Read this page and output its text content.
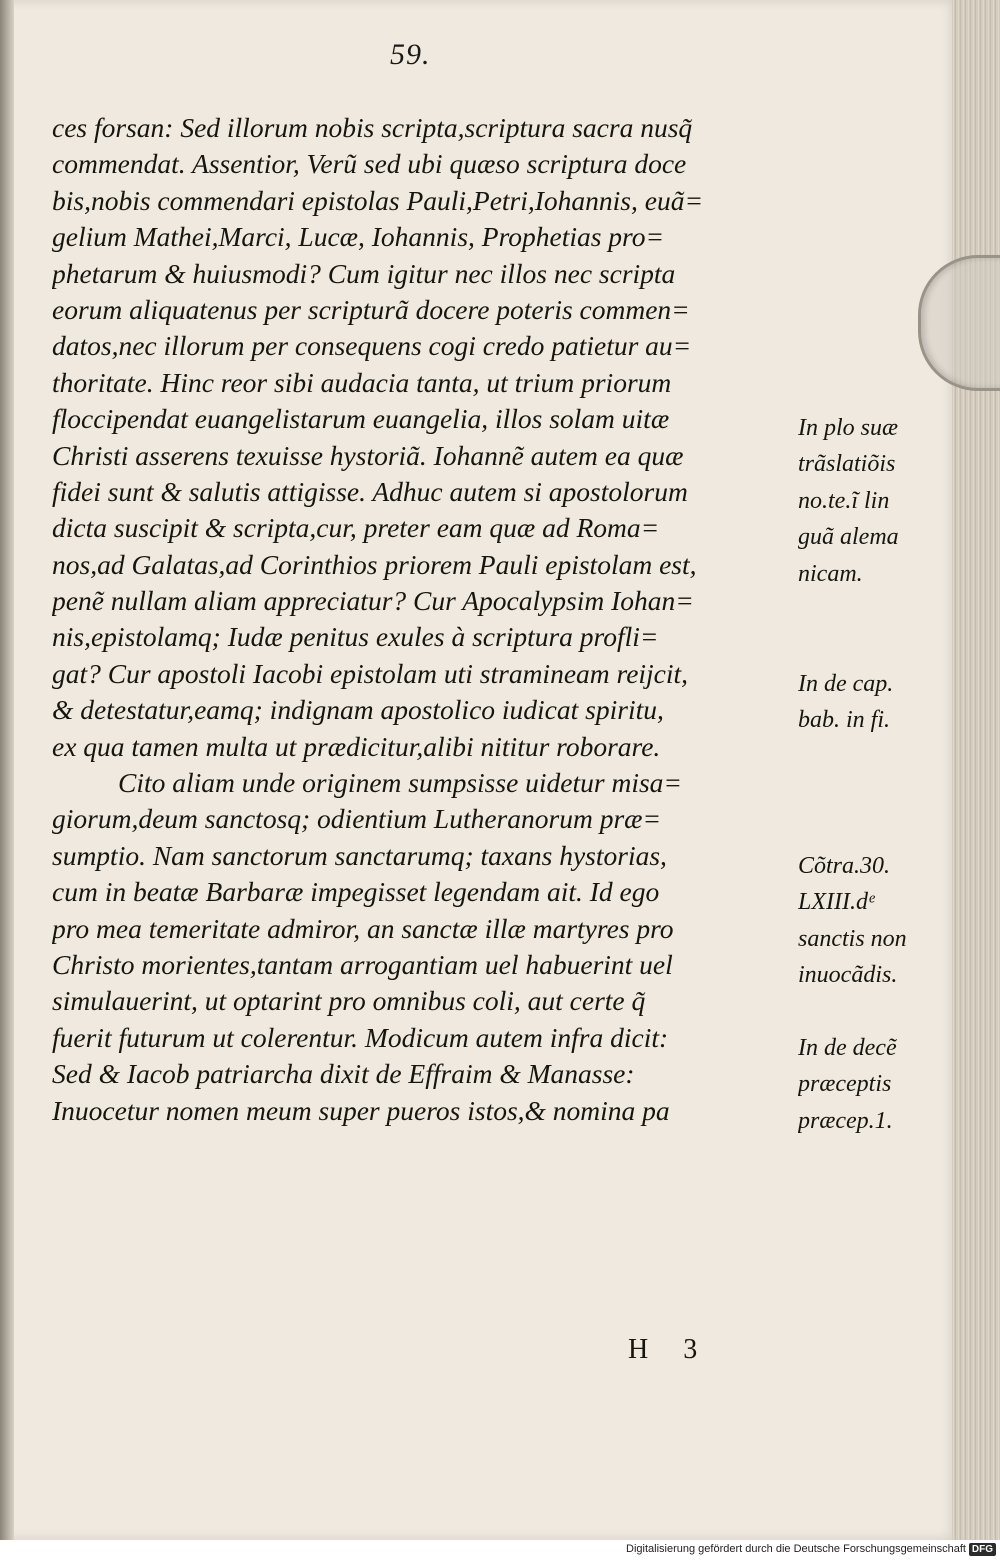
59.
ces forsan: Sed illorum nobis scripta,scriptura sacra nusq̃
commendat. Assentior, Verũ sed ubi quæso scriptura doce
bis,nobis commendari epistolas Pauli,Petri,Iohannis, euã=
gelium Mathei,Marci, Lucæ, Iohannis, Prophetias pro=
phetarum & huiusmodi? Cum igitur nec illos nec scripta
eorum aliquatenus per scripturã docere poteris commen=
datos,nec illorum per consequens cogi credo patietur au=
thoritate. Hinc reor sibi audacia tanta, ut trium priorum
floccipendat euangelistarum euangelia, illos solam uitæ
Christi asserens texuisse hystoriã. Iohannẽ autem ea quæ
fidei sunt & salutis attigisse. Adhuc autem si apostolorum
dicta suscipit & scripta,cur, preter eam quæ ad Roma=
nos,ad Galatas,ad Corinthios priorem Pauli epistolam est,
penẽ nullam aliam appreciatur? Cur Apocalypsim Iohan=
nis,epistolamq; Iudæ penitus exules à scriptura profli=
gat? Cur apostoli Iacobi epistolam uti stramineam reijcit,
& detestatur,eamq; indignam apostolico iudicat spiritu,
ex qua tamen multa ut prædicitur,alibi nititur roborare.
Cito aliam unde originem sumpsisse uidetur misa=
giorum,deum sanctosq; odientium Lutheranorum præ=
sumptio. Nam sanctorum sanctarumq; taxans hystorias,
cum in beatæ Barbaræ impegisset legendam ait. Id ego
pro mea temeritate admiror, an sanctæ illæ martyres pro
Christo morientes,tantam arrogantiam uel habuerint uel
simulauerint, ut optarint pro omnibus coli, aut certe q̃
fuerit futurum ut colerentur. Modicum autem infra dicit:
Sed & Iacob patriarcha dixit de Effraim & Manasse:
Inuocetur nomen meum super pueros istos,& nomina pa
In plo suæ
trãslatiõis
no.te.ĩ lin
guã alema
nicam.
In de cap.
bab. in fi.
Cõtra.30.
LXIII.dᵉ
sanctis non
inuocãdis.
In de decẽ
præceptis
præcep.1.
H 3
Digitalisierung gefördert durch die Deutsche Forschungsgemeinschaft DFG
